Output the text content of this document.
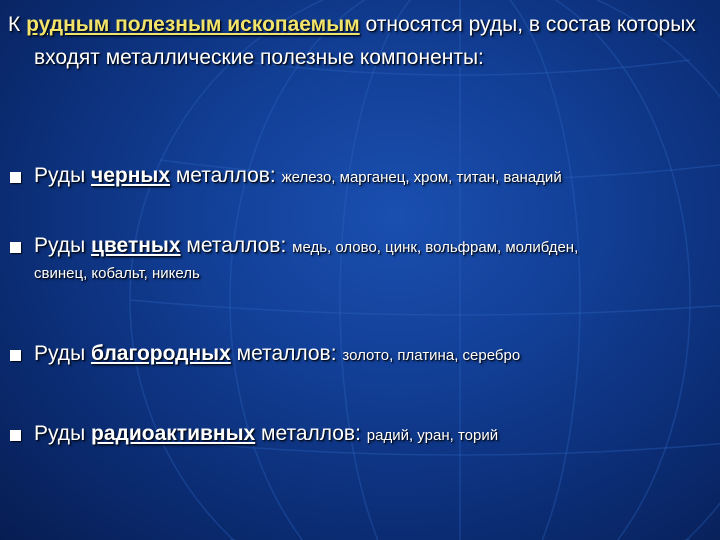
К рудным полезным ископаемым относятся руды, в состав которых входят металлические полезные компоненты:
Руды черных металлов: железо, марганец, хром, титан, ванадий
Руды цветных металлов: медь, олово, цинк, вольфрам, молибден,
свинец, кобальт, никель
Руды благородных металлов: золото, платина, серебро
Руды радиоактивных металлов: радий, уран, торий
